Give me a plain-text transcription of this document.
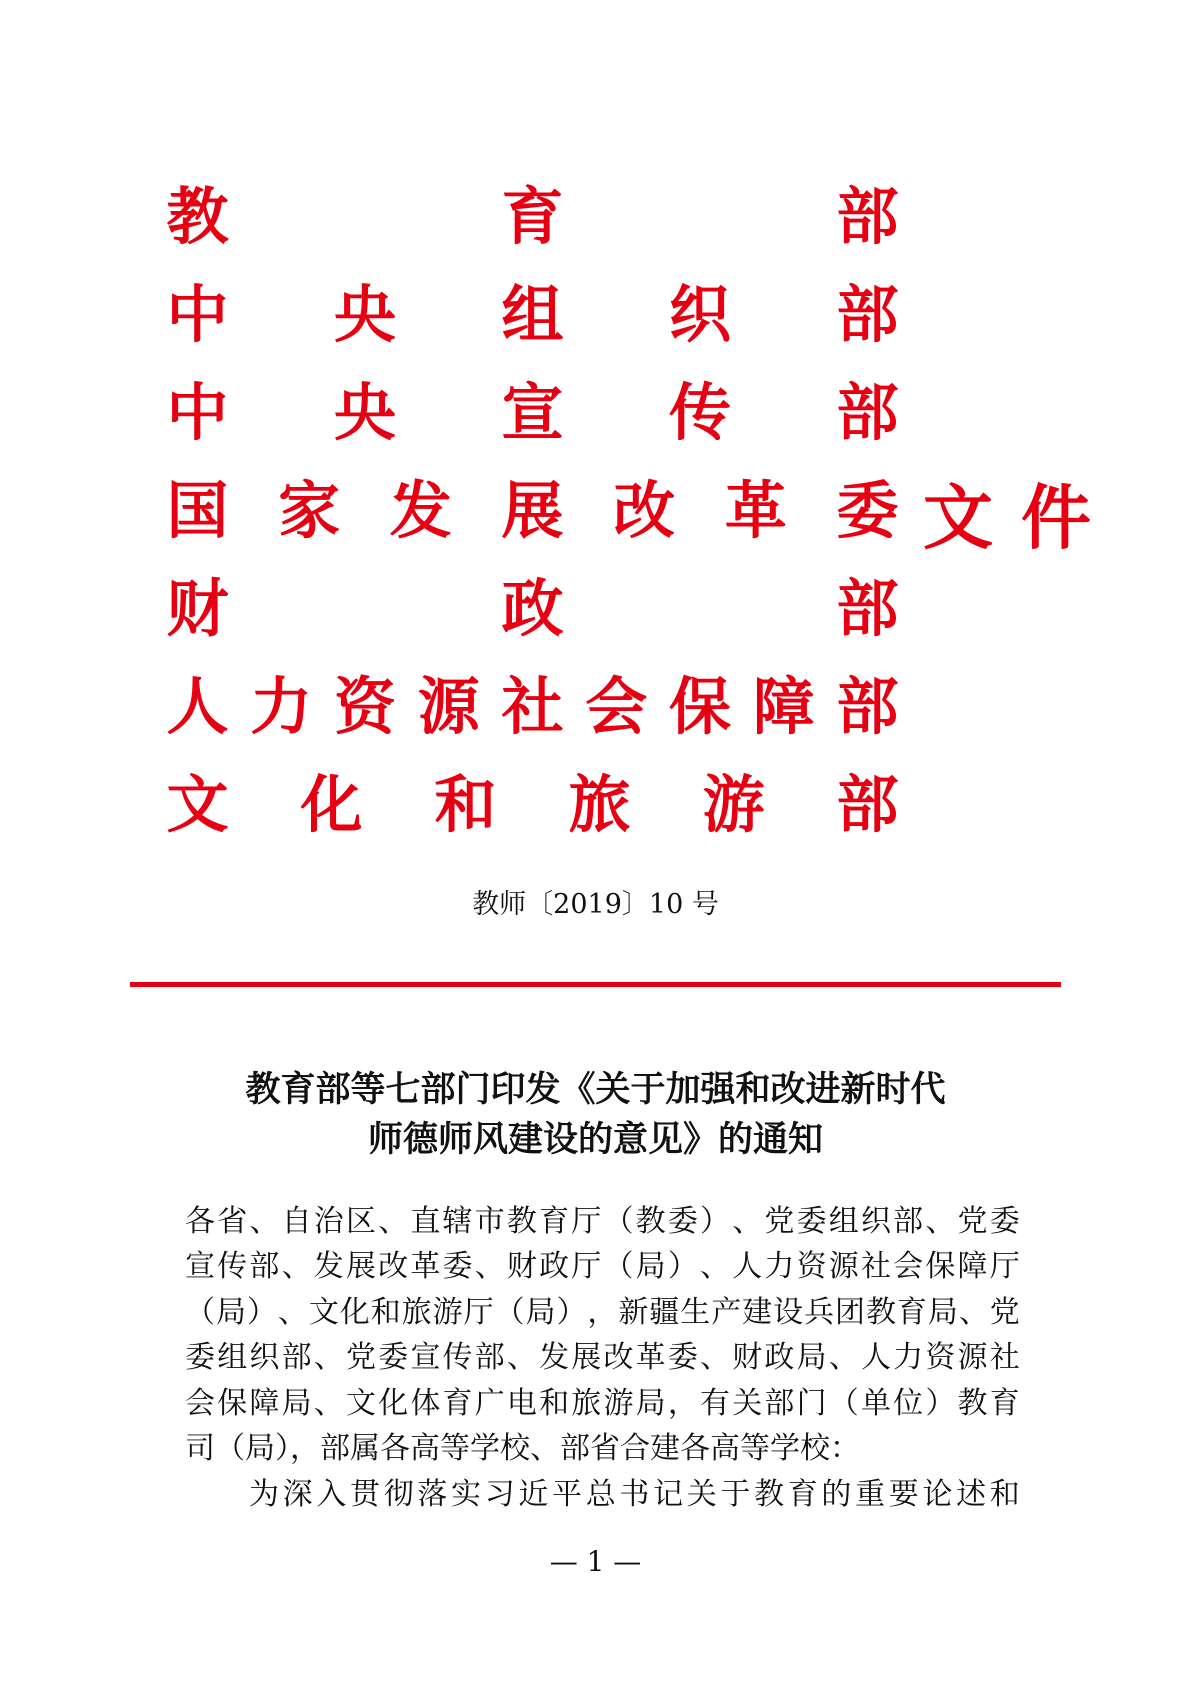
教	育	部
中 央 组 织 部
中 央 宣 传 部
国 家 发 展 改 革 委
财	政	部
人 力 资 源 社 会 保 障 部
文 化 和 旅 游 部
文 件
教师〔2019〕10 号
教育部等七部门印发《关于加强和改进新时代
师德师风建设的意见》的通知
各 省 、 自 治 区 、 直 辖 市 教 育 厅 （ 教 委 ） 、 党 委 组 织 部 、 党 委
宣 传 部 、 发 展 改 革 委 、 财 政 厅 （ 局 ） 、 人 力 资 源 社 会 保 障 厅
（ 局 ） 、 文 化 和 旅 游 厅 （ 局 ） ， 新 疆 生 产 建 设 兵 团 教 育 局 、 党
委 组 织 部 、 党 委 宣 传 部 、 发 展 改 革 委 、 财 政 局 、 人 力 资 源 社
会 保 障 局 、 文 化 体 育 广 电 和 旅 游 局 ， 有 关 部 门 （ 单 位 ） 教 育
司（局），部属各高等学校、部省合建各高等学校：
为 深 入 贯 彻 落 实 习 近 平 总 书 记 关 于 教 育 的 重 要 论 述 和
— 1 —
